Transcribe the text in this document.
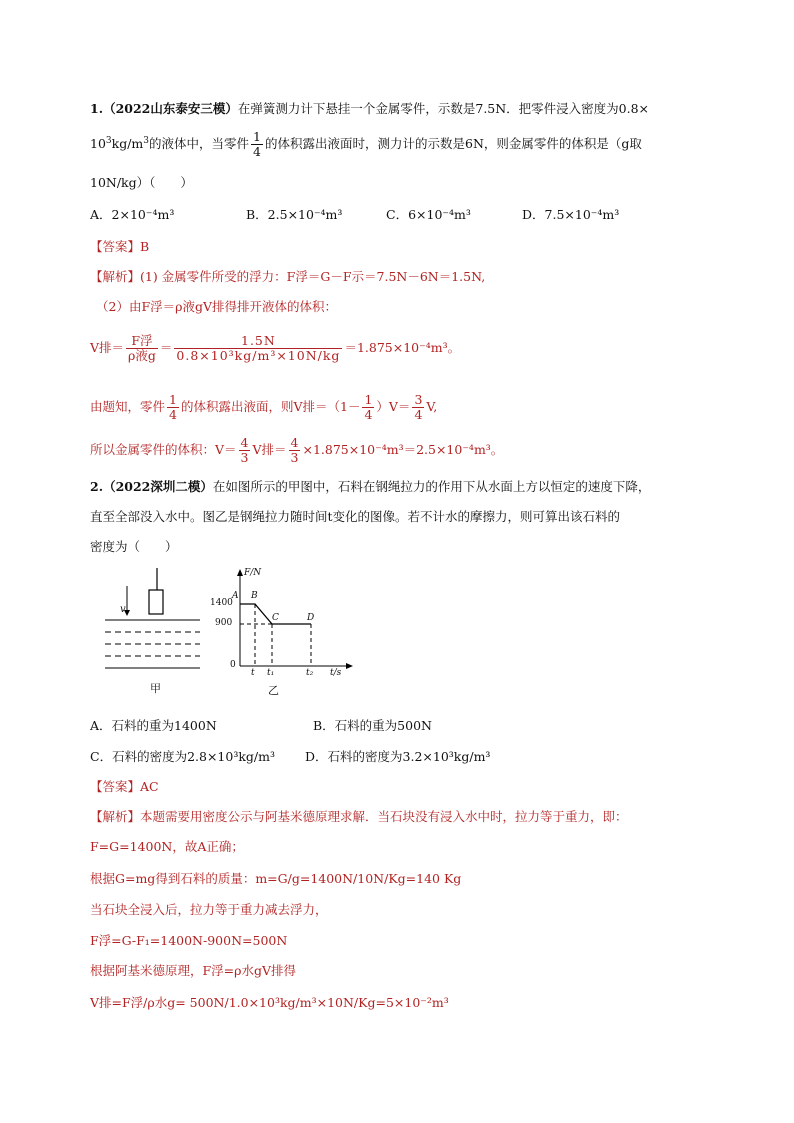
1.（2022山东泰安三模）在弹簧测力计下悬挂一个金属零件，示数是7.5N．把零件浸入密度为0.8×
$10^3kg/m^3$的液体中，当零件 $\frac{1}{4}$ 的体积露出液面时，测力计的示数是6N，则金属零件的体积是（g取
10N/kg）（　　）
A．2×10⁻⁴m³	B．2.5×10⁻⁴m³	C．6×10⁻⁴m³	D．7.5×10⁻⁴m³
【答案】B
【解析】(1) 金属零件所受的浮力：F浮＝G－F示＝7.5N－6N＝1.5N,
（2）由F浮＝ρ液gV排得排开液体的体积：
V排＝ $\frac{\text{F浮}}{\text{ρ液g}} = \frac{1.5N}{\text{0.8×10³kg/m³×10N/kg}} =1.875\times 10^{-4}m^3$。
由题知，零件 $\frac{1}{4}$ 的体积露出液面，则V排$=(1- \frac{1}{4} )V= \frac{3}{4} V$,
所以金属零件的体积：$V= \frac{4}{3}$ V排＝ $\frac{4}{3} \times 1.875\times 10^{-4}m^3=2.5\times 10^{-4}m^3$。
2.（2022深圳二模）在如图所示的甲图中，石料在钢绳拉力的作用下从水面上方以恒定的速度下降，
直至全部没入水中。图乙是钢绳拉力随时间t变化的图像。若不计水的摩擦力，则可算出该石料的
密度为（　　）
v
甲
F/N
1400
900
0
A B
C	D
t t₁	t₂ t/s
乙
A．石料的重为1400N	B．石料的重为500N
C．石料的密度为2.8×10³kg/m³ D．石料的密度为3.2×10³kg/m³
【答案】AC
【解析】本题需要用密度公示与阿基米德原理求解．当石块没有浸入水中时，拉力等于重力，即：
F=G=1400N，故A正确；
根据G=mg得到石料的质量：m=G/g=1400N/10N/Kg=140 Kg
当石块全浸入后，拉力等于重力减去浮力，
F浮=G-F₁=1400N-900N=500N
根据阿基米德原理，F浮=ρ水gV排得
V排=F浮/ρ水g= 500N/1.0×10³kg/m³×10N/Kg=5×10⁻²m³
